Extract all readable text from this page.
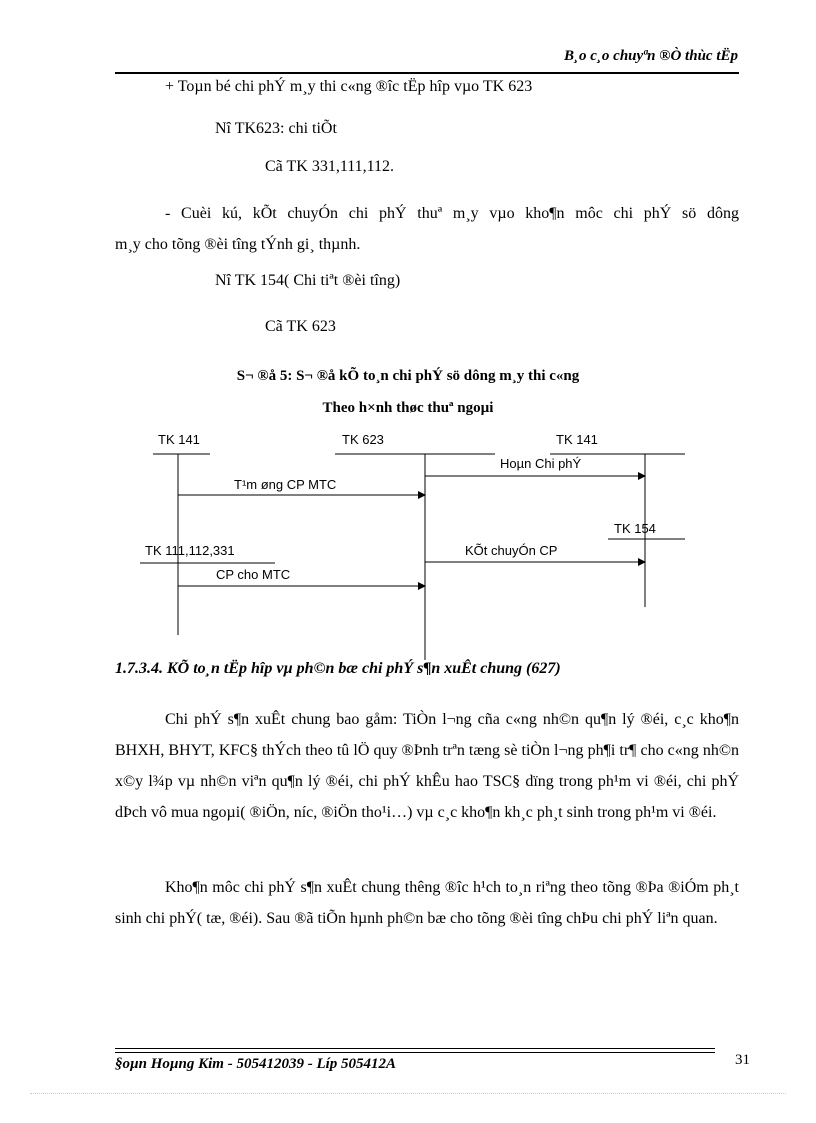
B¸o c¸o chuyªn ®Ò thùc tËp
+ Toµn bé chi phÝ m¸y thi c«ng ®îc tËp hîp vµo TK 623
Nî TK623: chi tiÕt
Cã TK 331,111,112.
- Cuèi kú, kÕt chuyÓn chi phÝ thuª m¸y vµo kho¶n môc chi phÝ sö dông
m¸y cho tõng ®èi tîng tÝnh gi¸ thµnh.
Nî TK 154( Chi tiªt ®èi tîng)
Cã TK 623
S¬ ®å 5: S¬ ®å kÕ to¸n chi phÝ sö dông m¸y thi c«ng
Theo h×nh thøc thuª ngoµi
TK 141	TK 623	TK 141
TK 154
TK 111,112,331
Hoµn Chi phÝ
T¹m øng CP MTC
KÕt chuyÓn CP
CP cho MTC
1.7.3.4. KÕ to¸n tËp hîp vµ ph©n bæ chi phÝ s¶n xuÊt chung (627)
Chi phÝ s¶n xuÊt chung bao gåm: TiÒn l¬ng cña c«ng nh©n qu¶n lý ®éi, c¸c kho¶n BHXH, BHYT, KFC§ thÝch theo tû lÖ quy ®Þnh trªn tæng sè tiÒn l¬ng ph¶i tr¶ cho c«ng nh©n x©y l¾p vµ nh©n viªn qu¶n lý ®éi, chi phÝ khÊu hao TSC§ dïng trong ph¹m vi ®éi, chi phÝ dÞch vô mua ngoµi( ®iÖn, níc, ®iÖn tho¹i…) vµ c¸c kho¶n kh¸c ph¸t sinh trong ph¹m vi ®éi.
Kho¶n môc chi phÝ s¶n xuÊt chung thêng ®îc h¹ch to¸n riªng theo tõng ®Þa ®iÓm ph¸t sinh chi phÝ( tæ, ®éi). Sau ®ã tiÕn hµnh ph©n bæ cho tõng ®èi tîng chÞu chi phÝ liªn quan.
§oµn Hoµng Kim - 505412039 - Líp 505412A	31
